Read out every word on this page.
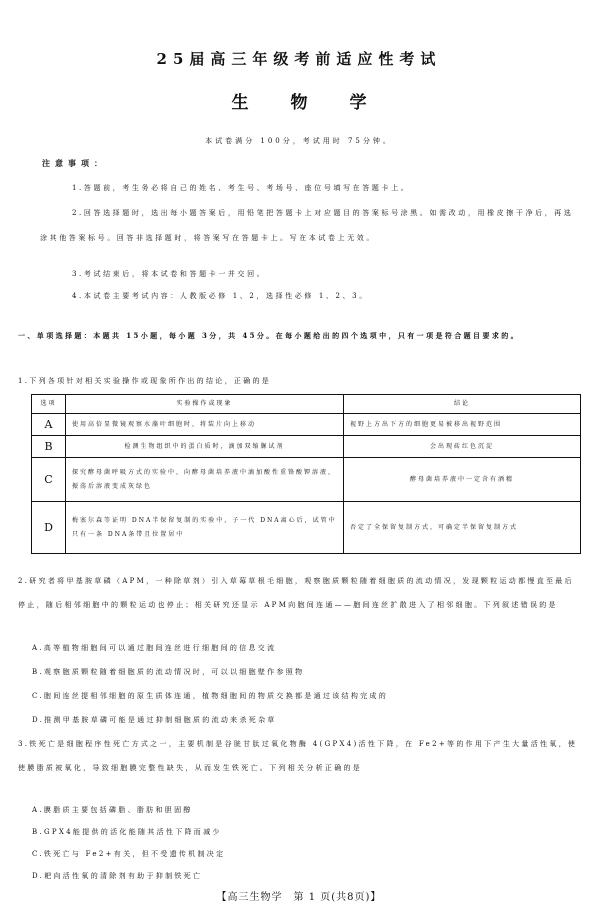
25届高三年级考前适应性考试
生物学
本试卷满分 100分，考试用时 75分钟。
注意事项：
1.答题前，考生务必将自己的姓名、考生号、考场号、座位号填写在答题卡上。
2.回答选择题时，选出每小题答案后，用铅笔把答题卡上对应题目的答案标号涂黑。如需改动，用橡皮擦干净后，再选涂其他答案标号。回答非选择题时，将答案写在答题卡上。写在本试卷上无效。
3.考试结束后，将本试卷和答题卡一并交回。
4.本试卷主要考试内容：人教版必修 1、2，选择性必修 1、2、3。
一、单项选择题：本题共 15小题，每小题 3分，共 45分。在每小题给出的四个选项中，只有一项是符合题目要求的。
1.下列各项针对相关实验操作或现象所作出的结论，正确的是
选项	实验操作或现象	结论
A	使用高倍显微镜观察水藻叶细胞时，将装片向上移动	视野上方出下方的细胞更易被移出视野范围
B	检测生物组织中的蛋白质时，滴加双缩脲试剂	会出现砖红色沉淀
C	探究酵母菌呼吸方式的实验中，向酵母菌培养液中滴加酸性重铬酸钾溶液，振荡后溶液变成灰绿色	酵母菌培养液中一定含有酒精
D	梅塞尔森等证明 DNA半保留复制的实验中，子一代 DNA离心后，试管中只有一条 DNA条带且位置居中	否定了全保留复制方式，可确定半保留复制方式
2.研究者将甲基胺草磷（APM，一种除草剂）引入草莓草根毛细胞，观察胞质颗粒随着细胞质的流动情况，发现颗粒运动都慢直至最后停止，随后相邻细胞中的颗粒运动也停止；相关研究还显示 APM向胞间连通——胞间连丝扩散进入了相邻细胞。下列叙述错误的是
A.高等植物细胞间可以通过胞间连丝进行细胞间的信息交流
B.观察胞质颗粒随着细胞质的流动情况时，可以以细胞壁作参照物
C.胞间连丝提相邻细胞的原生质体连通，植物细胞间的物质交换都是通过该结构完成的
D.推测甲基胺草磷可能是通过抑制细胞质的流动来杀死杂草
3.铁死亡是细胞程序性死亡方式之一，主要机制是谷胱甘肽过氧化物酶 4(GPX4)活性下降，在 Fe2+等的作用下产生大量活性氧，使使膜脂质被氧化，导致细胞膜完整性缺失，从而发生铁死亡。下列相关分析正确的是
A.膜脂质主要包括磷脂、脂肪和胆固醇
B.GPX4能提供的活化能随其活性下降而减少
C.铁死亡与 Fe2+有关，但不受遗传机制决定
D.耙向活性氧的清除剂有助于抑制铁死亡
【高三生物学　第 1 页(共8页)】
